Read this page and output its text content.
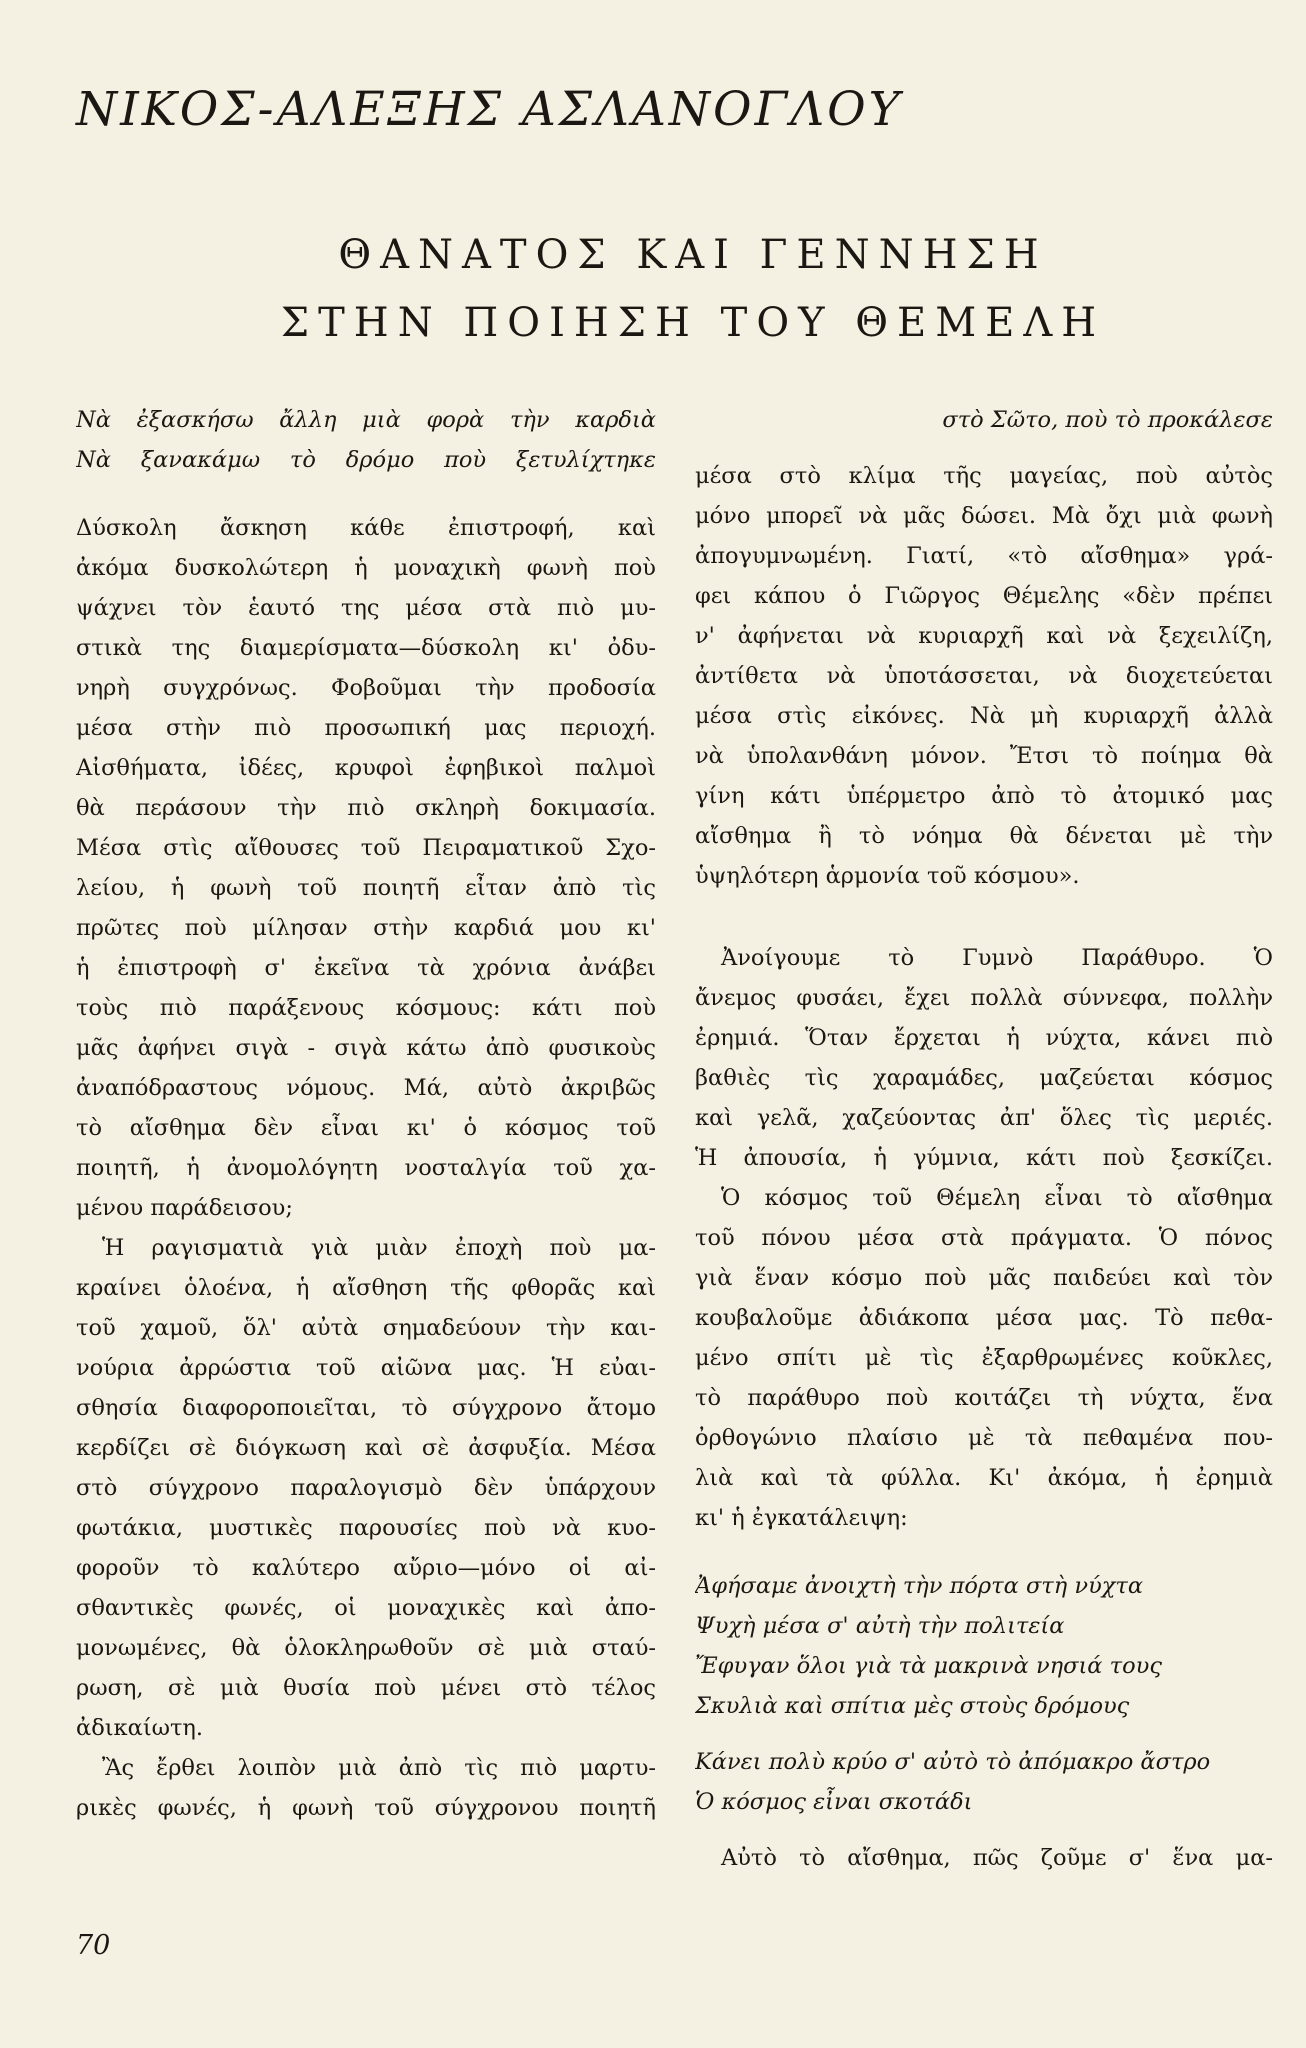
ΝΙΚΟΣ-ΑΛΕΞΗΣ ΑΣΛΑΝΟΓΛΟΥ
ΘΑΝΑΤΟΣ ΚΑΙ ΓΕΝΝΗΣΗ
ΣΤΗΝ ΠΟΙΗΣΗ ΤΟΥ ΘΕΜΕΛΗ
Νὰ ἐξασκήσω ἄλλη μιὰ φορὰ τὴν καρδιὰ
Νὰ ξανακάμω τὸ δρόμο ποὺ ξετυλίχτηκε
Δύσκολη ἄσκηση κάθε ἐπιστροφή, καὶ
ἀκόμα δυσκολώτερη ἡ μοναχικὴ φωνὴ ποὺ
ψάχνει τὸν ἑαυτό της μέσα στὰ πιὸ μυ-
στικὰ της διαμερίσματα—δύσκολη κι' ὀδυ-
νηρὴ συγχρόνως. Φοβοῦμαι τὴν προδοσία
μέσα στὴν πιὸ προσωπική μας περιοχή.
Αἰσθήματα, ἰδέες, κρυφοὶ ἐφηβικοὶ παλμοὶ
θὰ περάσουν τὴν πιὸ σκληρὴ δοκιμασία.
Μέσα στὶς αἴθουσες τοῦ Πειραματικοῦ Σχο-
λείου, ἡ φωνὴ τοῦ ποιητῆ εἶταν ἀπὸ τὶς
πρῶτες ποὺ μίλησαν στὴν καρδιά μου κι'
ἡ ἐπιστροφὴ σ' ἐκεῖνα τὰ χρόνια ἀνάβει
τοὺς πιὸ παράξενους κόσμους: κάτι ποὺ
μᾶς ἀφήνει σιγὰ - σιγὰ κάτω ἀπὸ φυσικοὺς
ἀναπόδραστους νόμους. Μά, αὐτὸ ἀκριβῶς
τὸ αἴσθημα δὲν εἶναι κι' ὁ κόσμος τοῦ
ποιητῆ, ἡ ἀνομολόγητη νοσταλγία τοῦ χα-
μένου παράδεισου;
Ἡ ραγισματιὰ γιὰ μιὰν ἐποχὴ ποὺ μα-
κραίνει ὁλοένα, ἡ αἴσθηση τῆς φθορᾶς καὶ
τοῦ χαμοῦ, ὅλ' αὐτὰ σημαδεύουν τὴν και-
νούρια ἀρρώστια τοῦ αἰῶνα μας. Ἡ εὐαι-
σθησία διαφοροποιεῖται, τὸ σύγχρονο ἄτομο
κερδίζει σὲ διόγκωση καὶ σὲ ἀσφυξία. Μέσα
στὸ σύγχρονο παραλογισμὸ δὲν ὑπάρχουν
φωτάκια, μυστικὲς παρουσίες ποὺ νὰ κυο-
φοροῦν τὸ καλύτερο αὔριο—μόνο οἱ αἰ-
σθαντικὲς φωνές, οἱ μοναχικὲς καὶ ἀπο-
μονωμένες, θὰ ὁλοκληρωθοῦν σὲ μιὰ σταύ-
ρωση, σὲ μιὰ θυσία ποὺ μένει στὸ τέλος
ἀδικαίωτη.
Ἂς ἔρθει λοιπὸν μιὰ ἀπὸ τὶς πιὸ μαρτυ-
ρικὲς φωνές, ἡ φωνὴ τοῦ σύγχρονου ποιητῆ
στὸ Σῶτο, ποὺ τὸ προκάλεσε
μέσα στὸ κλίμα τῆς μαγείας, ποὺ αὐτὸς
μόνο μπορεῖ νὰ μᾶς δώσει. Μὰ ὄχι μιὰ φωνὴ
ἀπογυμνωμένη. Γιατί, «τὸ αἴσθημα» γρά-
φει κάπου ὁ Γιῶργος Θέμελης «δὲν πρέπει
ν' ἀφήνεται νὰ κυριαρχῆ καὶ νὰ ξεχειλίζη,
ἀντίθετα νὰ ὑποτάσσεται, νὰ διοχετεύεται
μέσα στὶς εἰκόνες. Νὰ μὴ κυριαρχῆ ἀλλὰ
νὰ ὑπολανθάνη μόνον. Ἔτσι τὸ ποίημα θὰ
γίνη κάτι ὑπέρμετρο ἀπὸ τὸ ἀτομικό μας
αἴσθημα ἢ τὸ νόημα θὰ δένεται μὲ τὴν
ὑψηλότερη ἁρμονία τοῦ κόσμου».
Ἀνοίγουμε τὸ Γυμνὸ Παράθυρο. Ὁ
ἄνεμος φυσάει, ἔχει πολλὰ σύννεφα, πολλὴν
ἐρημιά. Ὅταν ἔρχεται ἡ νύχτα, κάνει πιὸ
βαθιὲς τὶς χαραμάδες, μαζεύεται κόσμος
καὶ γελᾶ, χαζεύοντας ἀπ' ὅλες τὶς μεριές.
Ἡ ἀπουσία, ἡ γύμνια, κάτι ποὺ ξεσκίζει.
Ὁ κόσμος τοῦ Θέμελη εἶναι τὸ αἴσθημα
τοῦ πόνου μέσα στὰ πράγματα. Ὁ πόνος
γιὰ ἕναν κόσμο ποὺ μᾶς παιδεύει καὶ τὸν
κουβαλοῦμε ἀδιάκοπα μέσα μας. Τὸ πεθα-
μένο σπίτι μὲ τὶς ἐξαρθρωμένες κοῦκλες,
τὸ παράθυρο ποὺ κοιτάζει τὴ νύχτα, ἕνα
ὀρθογώνιο πλαίσιο μὲ τὰ πεθαμένα που-
λιὰ καὶ τὰ φύλλα. Κι' ἀκόμα, ἡ ἐρημιὰ
κι' ἡ ἐγκατάλειψη:
Ἀφήσαμε ἀνοιχτὴ τὴν πόρτα στὴ νύχτα
Ψυχὴ μέσα σ' αὐτὴ τὴν πολιτεία
Ἔφυγαν ὅλοι γιὰ τὰ μακρινὰ νησιά τους
Σκυλιὰ καὶ σπίτια μὲς στοὺς δρόμους
Κάνει πολὺ κρύο σ' αὐτὸ τὸ ἀπόμακρο ἄστρο
Ὁ κόσμος εἶναι σκοτάδι
Αὐτὸ τὸ αἴσθημα, πῶς ζοῦμε σ' ἕνα μα-
70
